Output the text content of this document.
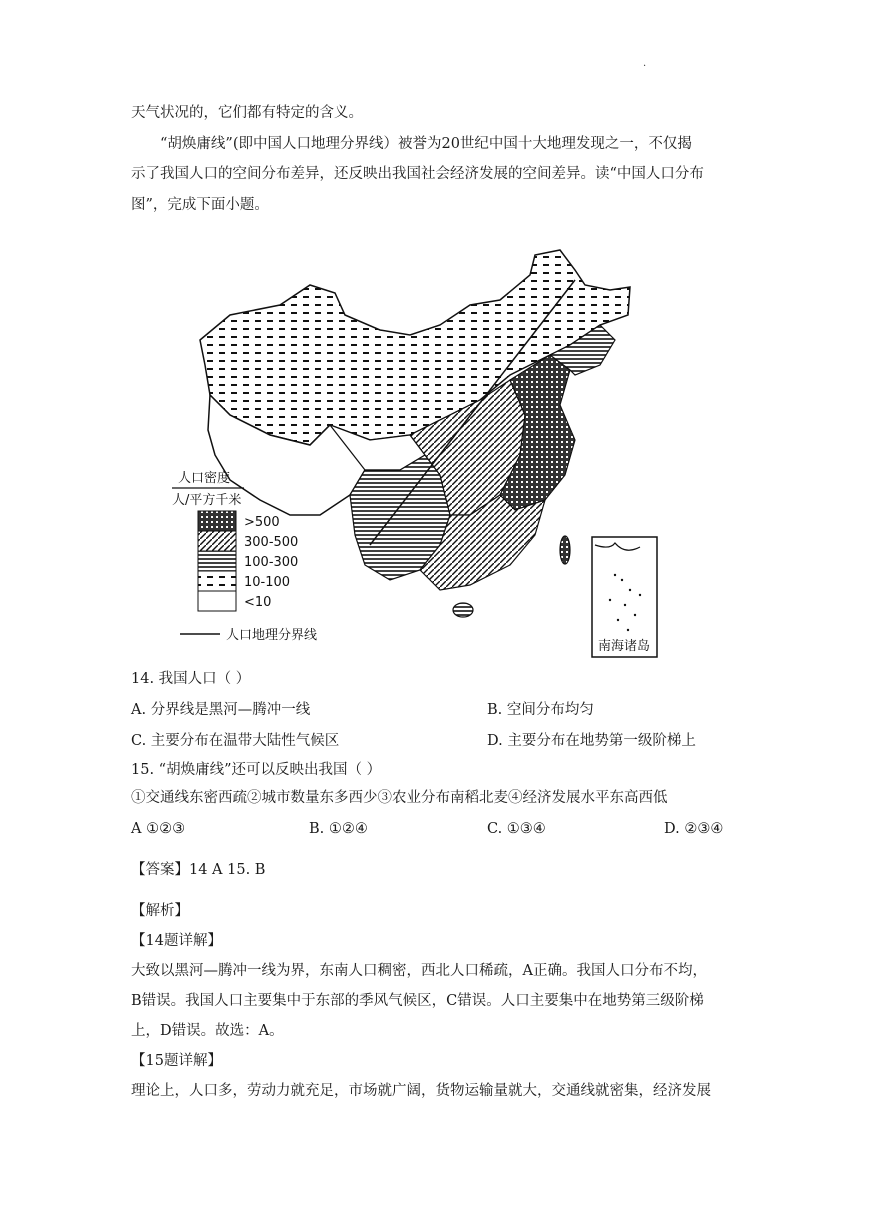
.
天气状况的，它们都有特定的含义。
“胡焕庸线”(即中国人口地理分界线）被誉为20世纪中国十大地理发现之一，不仅揭
示了我国人口的空间分布差异，还反映出我国社会经济发展的空间差异。读“中国人口分布
图”，完成下面小题。
南海诸岛
人口密度
人/平方千米
>500
300-500
100-300
10-100
<10
人口地理分界线
14. 我国人口（ ）
A. 分界线是黑河—腾冲一线	B. 空间分布均匀
C. 主要分布在温带大陆性气候区	D. 主要分布在地势第一级阶梯上
15. “胡焕庸线”还可以反映出我国（ ）
①交通线东密西疏②城市数量东多西少③农业分布南稻北麦④经济发展水平东高西低
A ①②③	B. ①②④	C. ①③④	D. ②③④
【答案】14 A 15. B
【解析】
【14题详解】
大致以黑河—腾冲一线为界，东南人口稠密，西北人口稀疏，A正确。我国人口分布不均，
B错误。我国人口主要集中于东部的季风气候区，C错误。人口主要集中在地势第三级阶梯
上，D错误。故选：A。
【15题详解】
理论上，人口多，劳动力就充足，市场就广阔，货物运输量就大，交通线就密集，经济发展
